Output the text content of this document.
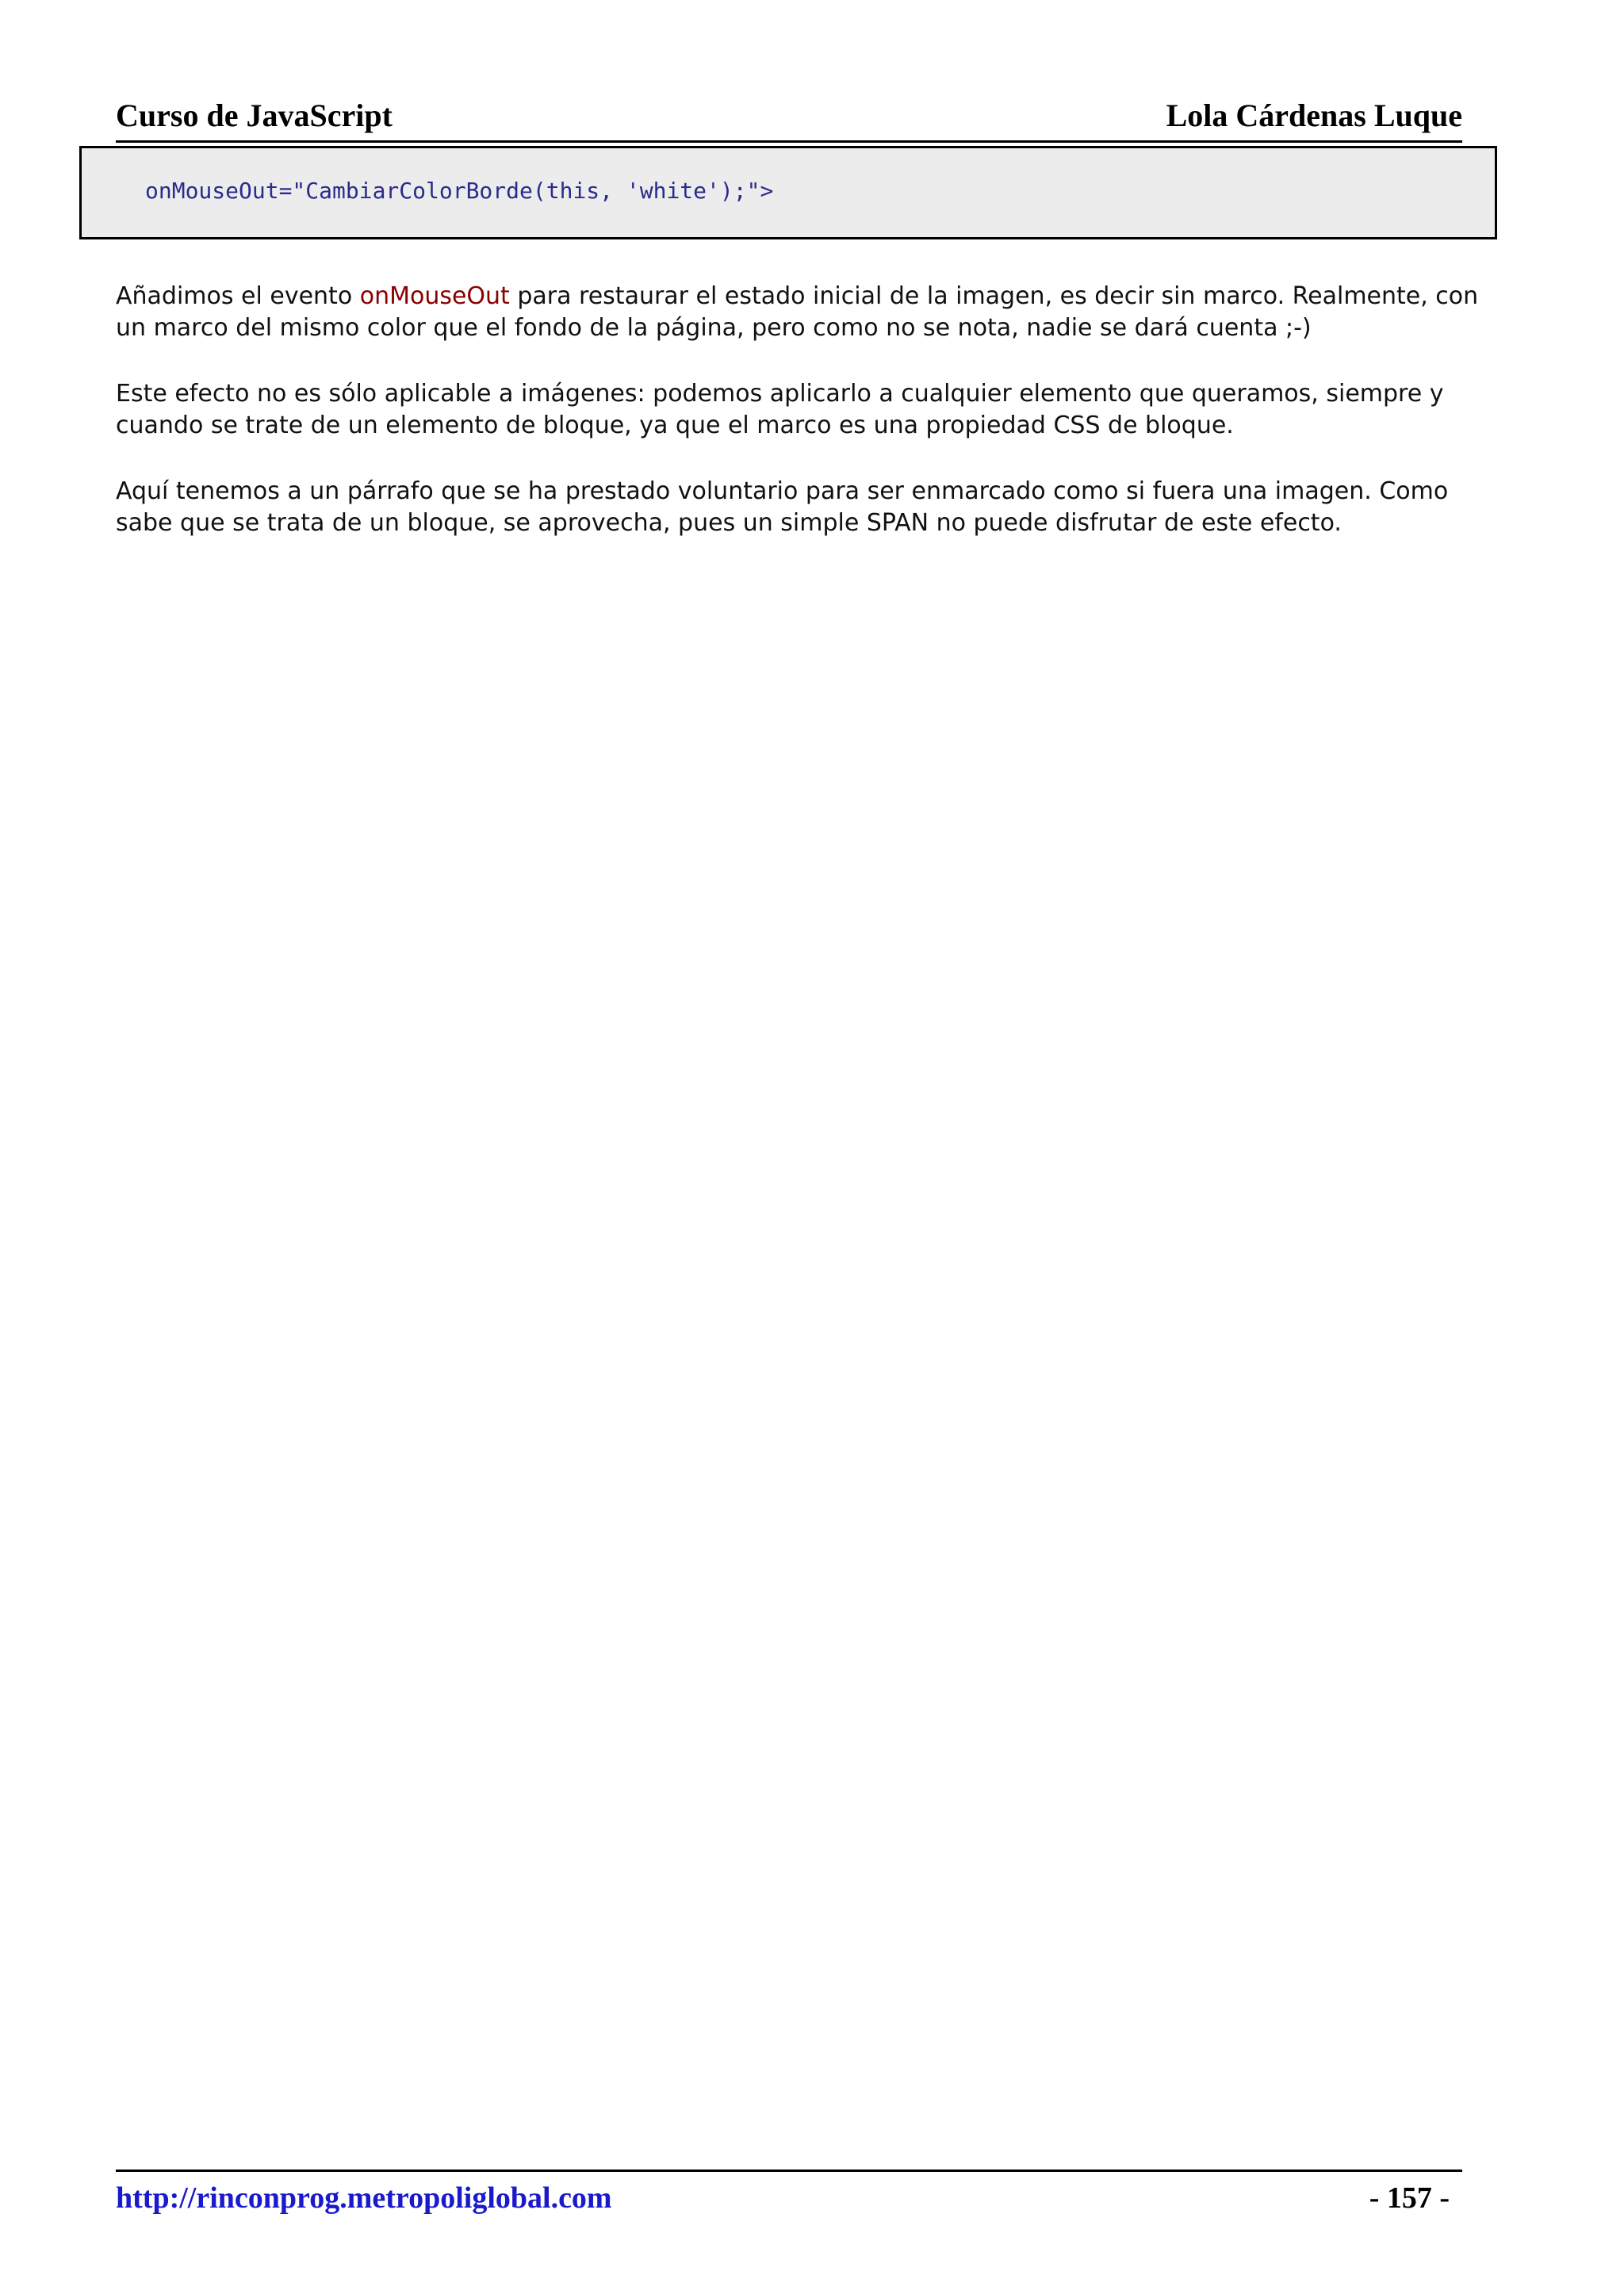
Curso de JavaScript	Lola Cárdenas Luque
onMouseOut="CambiarColorBorde(this, 'white');">

Añadimos el evento onMouseOut para restaurar el estado inicial de la imagen, es decir sin marco. Realmente, con un marco del mismo color que el fondo de la página, pero como no se nota, nadie se dará cuenta ;-)

Este efecto no es sólo aplicable a imágenes: podemos aplicarlo a cualquier elemento que queramos, siempre y cuando se trate de un elemento de bloque, ya que el marco es una propiedad CSS de bloque.

Aquí tenemos a un párrafo que se ha prestado voluntario para ser enmarcado como si fuera una imagen. Como sabe que se trata de un bloque, se aprovecha, pues un simple SPAN no puede disfrutar de este efecto.

http://rinconprog.metropoliglobal.com	- 157 -
